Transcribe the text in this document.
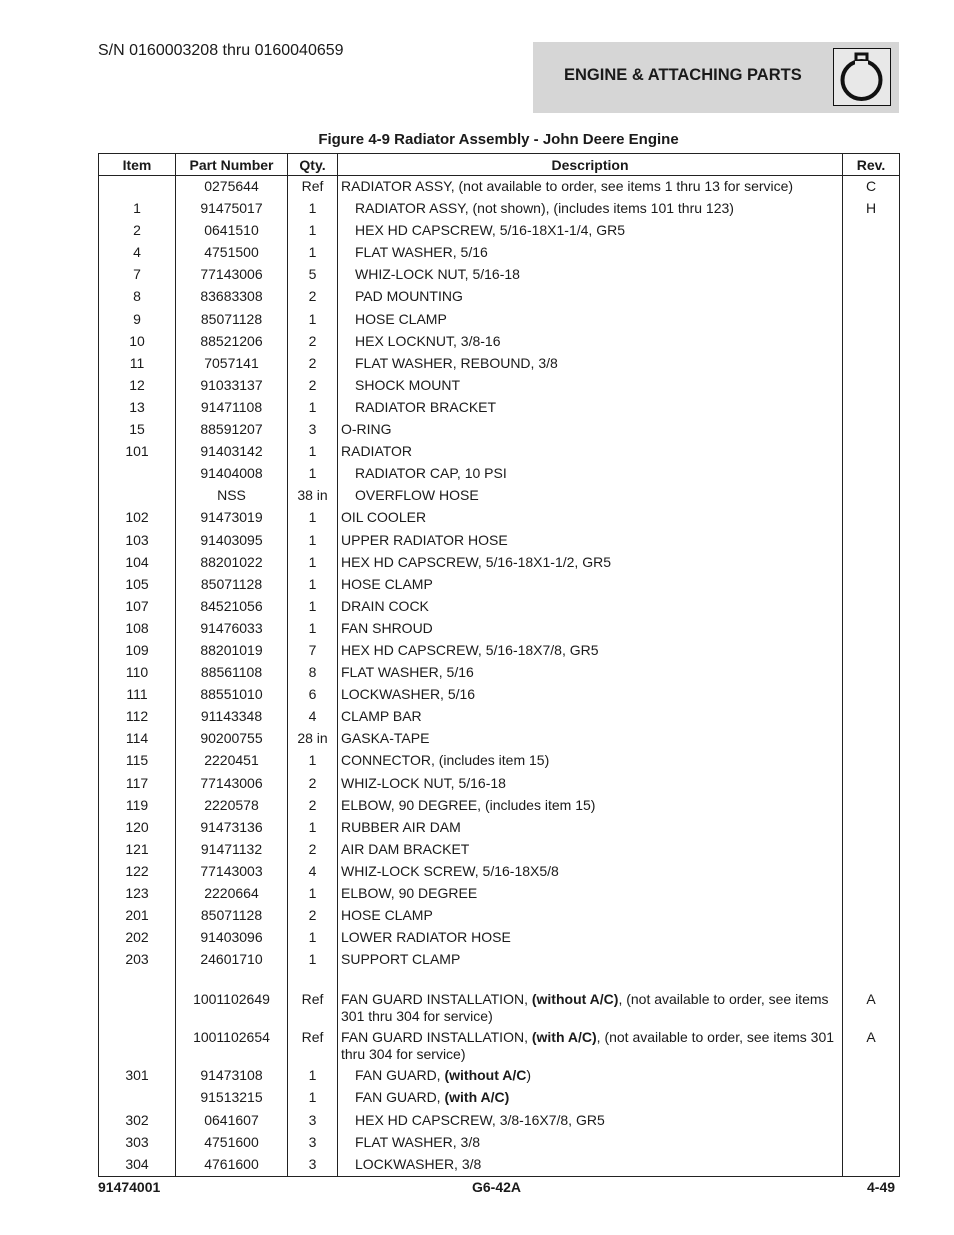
S/N 0160003208 thru 0160040659
ENGINE & ATTACHING PARTS
Figure 4-9 Radiator Assembly - John Deere Engine
Item	Part Number	Qty.	Description	Rev.
	0275644	Ref	RADIATOR ASSY, (not available to order, see items 1 thru 13 for service)	C
1	91475017	1	RADIATOR ASSY, (not shown), (includes items 101 thru 123)	H
2	0641510	1	HEX HD CAPSCREW, 5/16-18X1-1/4, GR5	
4	4751500	1	FLAT WASHER, 5/16	
7	77143006	5	WHIZ-LOCK NUT, 5/16-18	
8	83683308	2	PAD MOUNTING	
9	85071128	1	HOSE CLAMP	
10	88521206	2	HEX LOCKNUT, 3/8-16	
11	7057141	2	FLAT WASHER, REBOUND, 3/8	
12	91033137	2	SHOCK MOUNT	
13	91471108	1	RADIATOR BRACKET	
15	88591207	3	O-RING	
101	91403142	1	RADIATOR	
	91404008	1	RADIATOR CAP, 10 PSI	
	NSS	38 in	OVERFLOW HOSE	
102	91473019	1	OIL COOLER	
103	91403095	1	UPPER RADIATOR HOSE	
104	88201022	1	HEX HD CAPSCREW, 5/16-18X1-1/2, GR5	
105	85071128	1	HOSE CLAMP	
107	84521056	1	DRAIN COCK	
108	91476033	1	FAN SHROUD	
109	88201019	7	HEX HD CAPSCREW, 5/16-18X7/8, GR5	
110	88561108	8	FLAT WASHER, 5/16	
111	88551010	6	LOCKWASHER, 5/16	
112	91143348	4	CLAMP BAR	
114	90200755	28 in	GASKA-TAPE	
115	2220451	1	CONNECTOR, (includes item 15)	
117	77143006	2	WHIZ-LOCK NUT, 5/16-18	
119	2220578	2	ELBOW, 90 DEGREE, (includes item 15)	
120	91473136	1	RUBBER AIR DAM	
121	91471132	2	AIR DAM BRACKET	
122	77143003	4	WHIZ-LOCK SCREW, 5/16-18X5/8	
123	2220664	1	ELBOW, 90 DEGREE	
201	85071128	2	HOSE CLAMP	
202	91403096	1	LOWER RADIATOR HOSE	
203	24601710	1	SUPPORT CLAMP	

	1001102649	Ref	FAN GUARD INSTALLATION, (without A/C), (not available to order, see items 301 thru 304 for service)	A
	1001102654	Ref	FAN GUARD INSTALLATION, (with A/C), (not available to order, see items 301 thru 304 for service)	A
301	91473108	1	FAN GUARD, (without A/C)	
	91513215	1	FAN GUARD, (with A/C)	
302	0641607	3	HEX HD CAPSCREW, 3/8-16X7/8, GR5	
303	4751600	3	FLAT WASHER, 3/8	
304	4761600	3	LOCKWASHER, 3/8	

91474001	G6-42A	4-49
